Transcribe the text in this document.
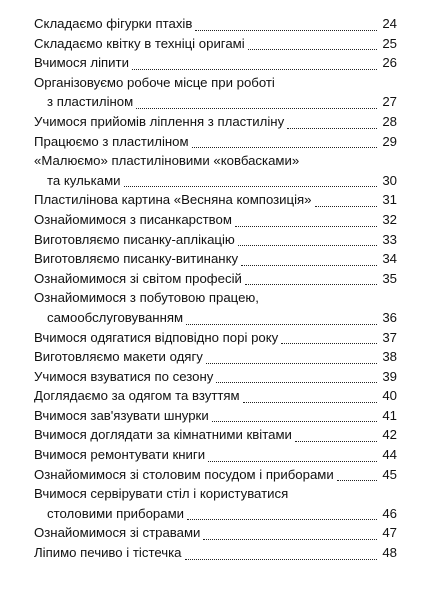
Складаємо фігурки птахів	24
Складаємо квітку в техніці оригамі	25
Вчимося ліпити	26
Організовуємо робоче місце при роботі
з пластиліном	27
Учимося прийомів ліплення з пластиліну	28
Працюємо з пластиліном	29
«Малюємо» пластиліновими «ковбасками»
та кульками	30
Пластилінова картина «Весняна композиція»	31
Ознайомимося з писанкарством	32
Виготовляємо писанку-аплікацію	33
Виготовляємо писанку-витинанку	34
Ознайомимося зі світом професій	35
Ознайомимося з побутовою працею,
самообслуговуванням	36
Вчимося одягатися відповідно порі року	37
Виготовляємо макети одягу	38
Учимося взуватися по сезону	39
Доглядаємо за одягом та взуттям	40
Вчимося зав'язувати шнурки	41
Вчимося доглядати за кімнатними квітами	42
Вчимося ремонтувати книги	44
Ознайомимося зі столовим посудом і приборами	45
Вчимося сервірувати стіл і користуватися
столовими приборами	46
Ознайомимося зі стравами	47
Ліпимо печиво і тістечка	48
